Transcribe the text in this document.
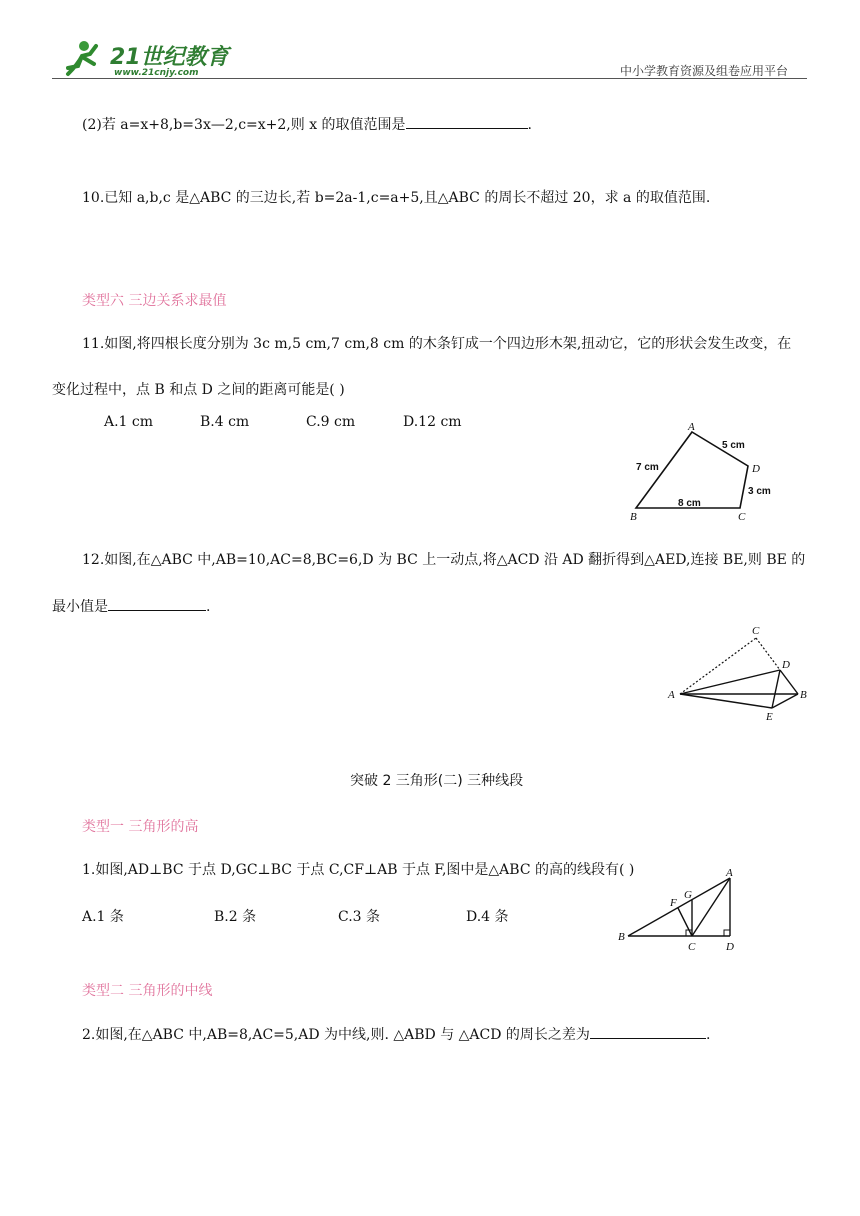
21世纪教育
www.21cnjy.com	中小学教育资源及组卷应用平台
(2)若 a=x+8,b=3x—2,c=x+2,则 x 的取值范围是	.
10.已知 a,b,c 是△ABC 的三边长,若 b=2a-1,c=a+5,且△ABC 的周长不超过 20，求 a 的取值范围.
类型六 三边关系求最值
11.如图,将四根长度分别为 3c m,5 cm,7 cm,8 cm 的木条钉成一个四边形木架,扭动它，它的形状会发生改变，在
变化过程中，点 B 和点 D 之间的距离可能是( )
A.1 cm	B.4 cm	C.9 cm	D.12 cm	A
B	C
D
5 cm
7 cm
3 cm
8 cm
12.如图,在△ABC 中,AB=10,AC=8,BC=6,D 为 BC 上一动点,将△ACD 沿 AD 翻折得到△AED,连接 BE,则 BE 的
最小值是	.
C
D
A	B
E
突破 2 三角形(二) 三种线段
类型一 三角形的高
1.如图,AD⊥BC 于点 D,GC⊥BC 于点 C,CF⊥AB 于点 F,图中是△ABC 的高的线段有( )
A.1 条	B.2 条	C.3 条	D.4 条
A
G
F
B
C	D
类型二 三角形的中线
2.如图,在△ABC 中,AB=8,AC=5,AD 为中线,则. △ABD 与 △ACD 的周长之差为	.
